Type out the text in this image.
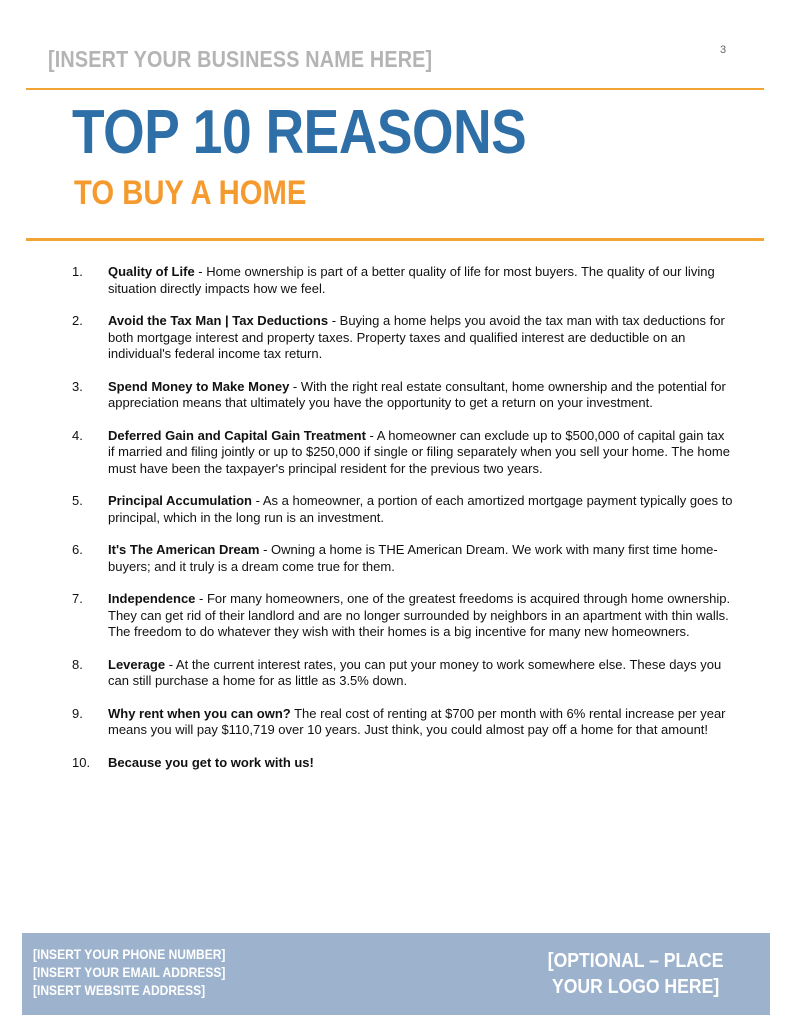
[INSERT YOUR BUSINESS NAME HERE]	3
TOP 10 REASONS
TO BUY A HOME
1.	Quality of Life - Home ownership is part of a better quality of life for most buyers. The quality of our living situation directly impacts how we feel.
2.	Avoid the Tax Man | Tax Deductions - Buying a home helps you avoid the tax man with tax deductions for both mortgage interest and property taxes. Property taxes and qualified interest are deductible on an individual's federal income tax return.
3.	Spend Money to Make Money - With the right real estate consultant, home ownership and the potential for appreciation means that ultimately you have the opportunity to get a return on your investment.
4.	Deferred Gain and Capital Gain Treatment - A homeowner can exclude up to $500,000 of capital gain tax if married and filing jointly or up to $250,000 if single or filing separately when you sell your home. The home must have been the taxpayer's principal resident for the previous two years.
5.	Principal Accumulation - As a homeowner, a portion of each amortized mortgage payment typically goes to principal, which in the long run is an investment.
6.	It's The American Dream - Owning a home is THE American Dream. We work with many first time home-buyers; and it truly is a dream come true for them.
7.	Independence - For many homeowners, one of the greatest freedoms is acquired through home ownership. They can get rid of their landlord and are no longer surrounded by neighbors in an apartment with thin walls. The freedom to do whatever they wish with their homes is a big incentive for many new homeowners.
8.	Leverage - At the current interest rates, you can put your money to work somewhere else. These days you can still purchase a home for as little as 3.5% down.
9.	Why rent when you can own? The real cost of renting at $700 per month with 6% rental increase per year means you will pay $110,719 over 10 years. Just think, you could almost pay off a home for that amount!
10.	Because you get to work with us!
[INSERT YOUR PHONE NUMBER]
[INSERT YOUR EMAIL ADDRESS]
[INSERT WEBSITE ADDRESS]
[OPTIONAL – PLACE
YOUR LOGO HERE]
